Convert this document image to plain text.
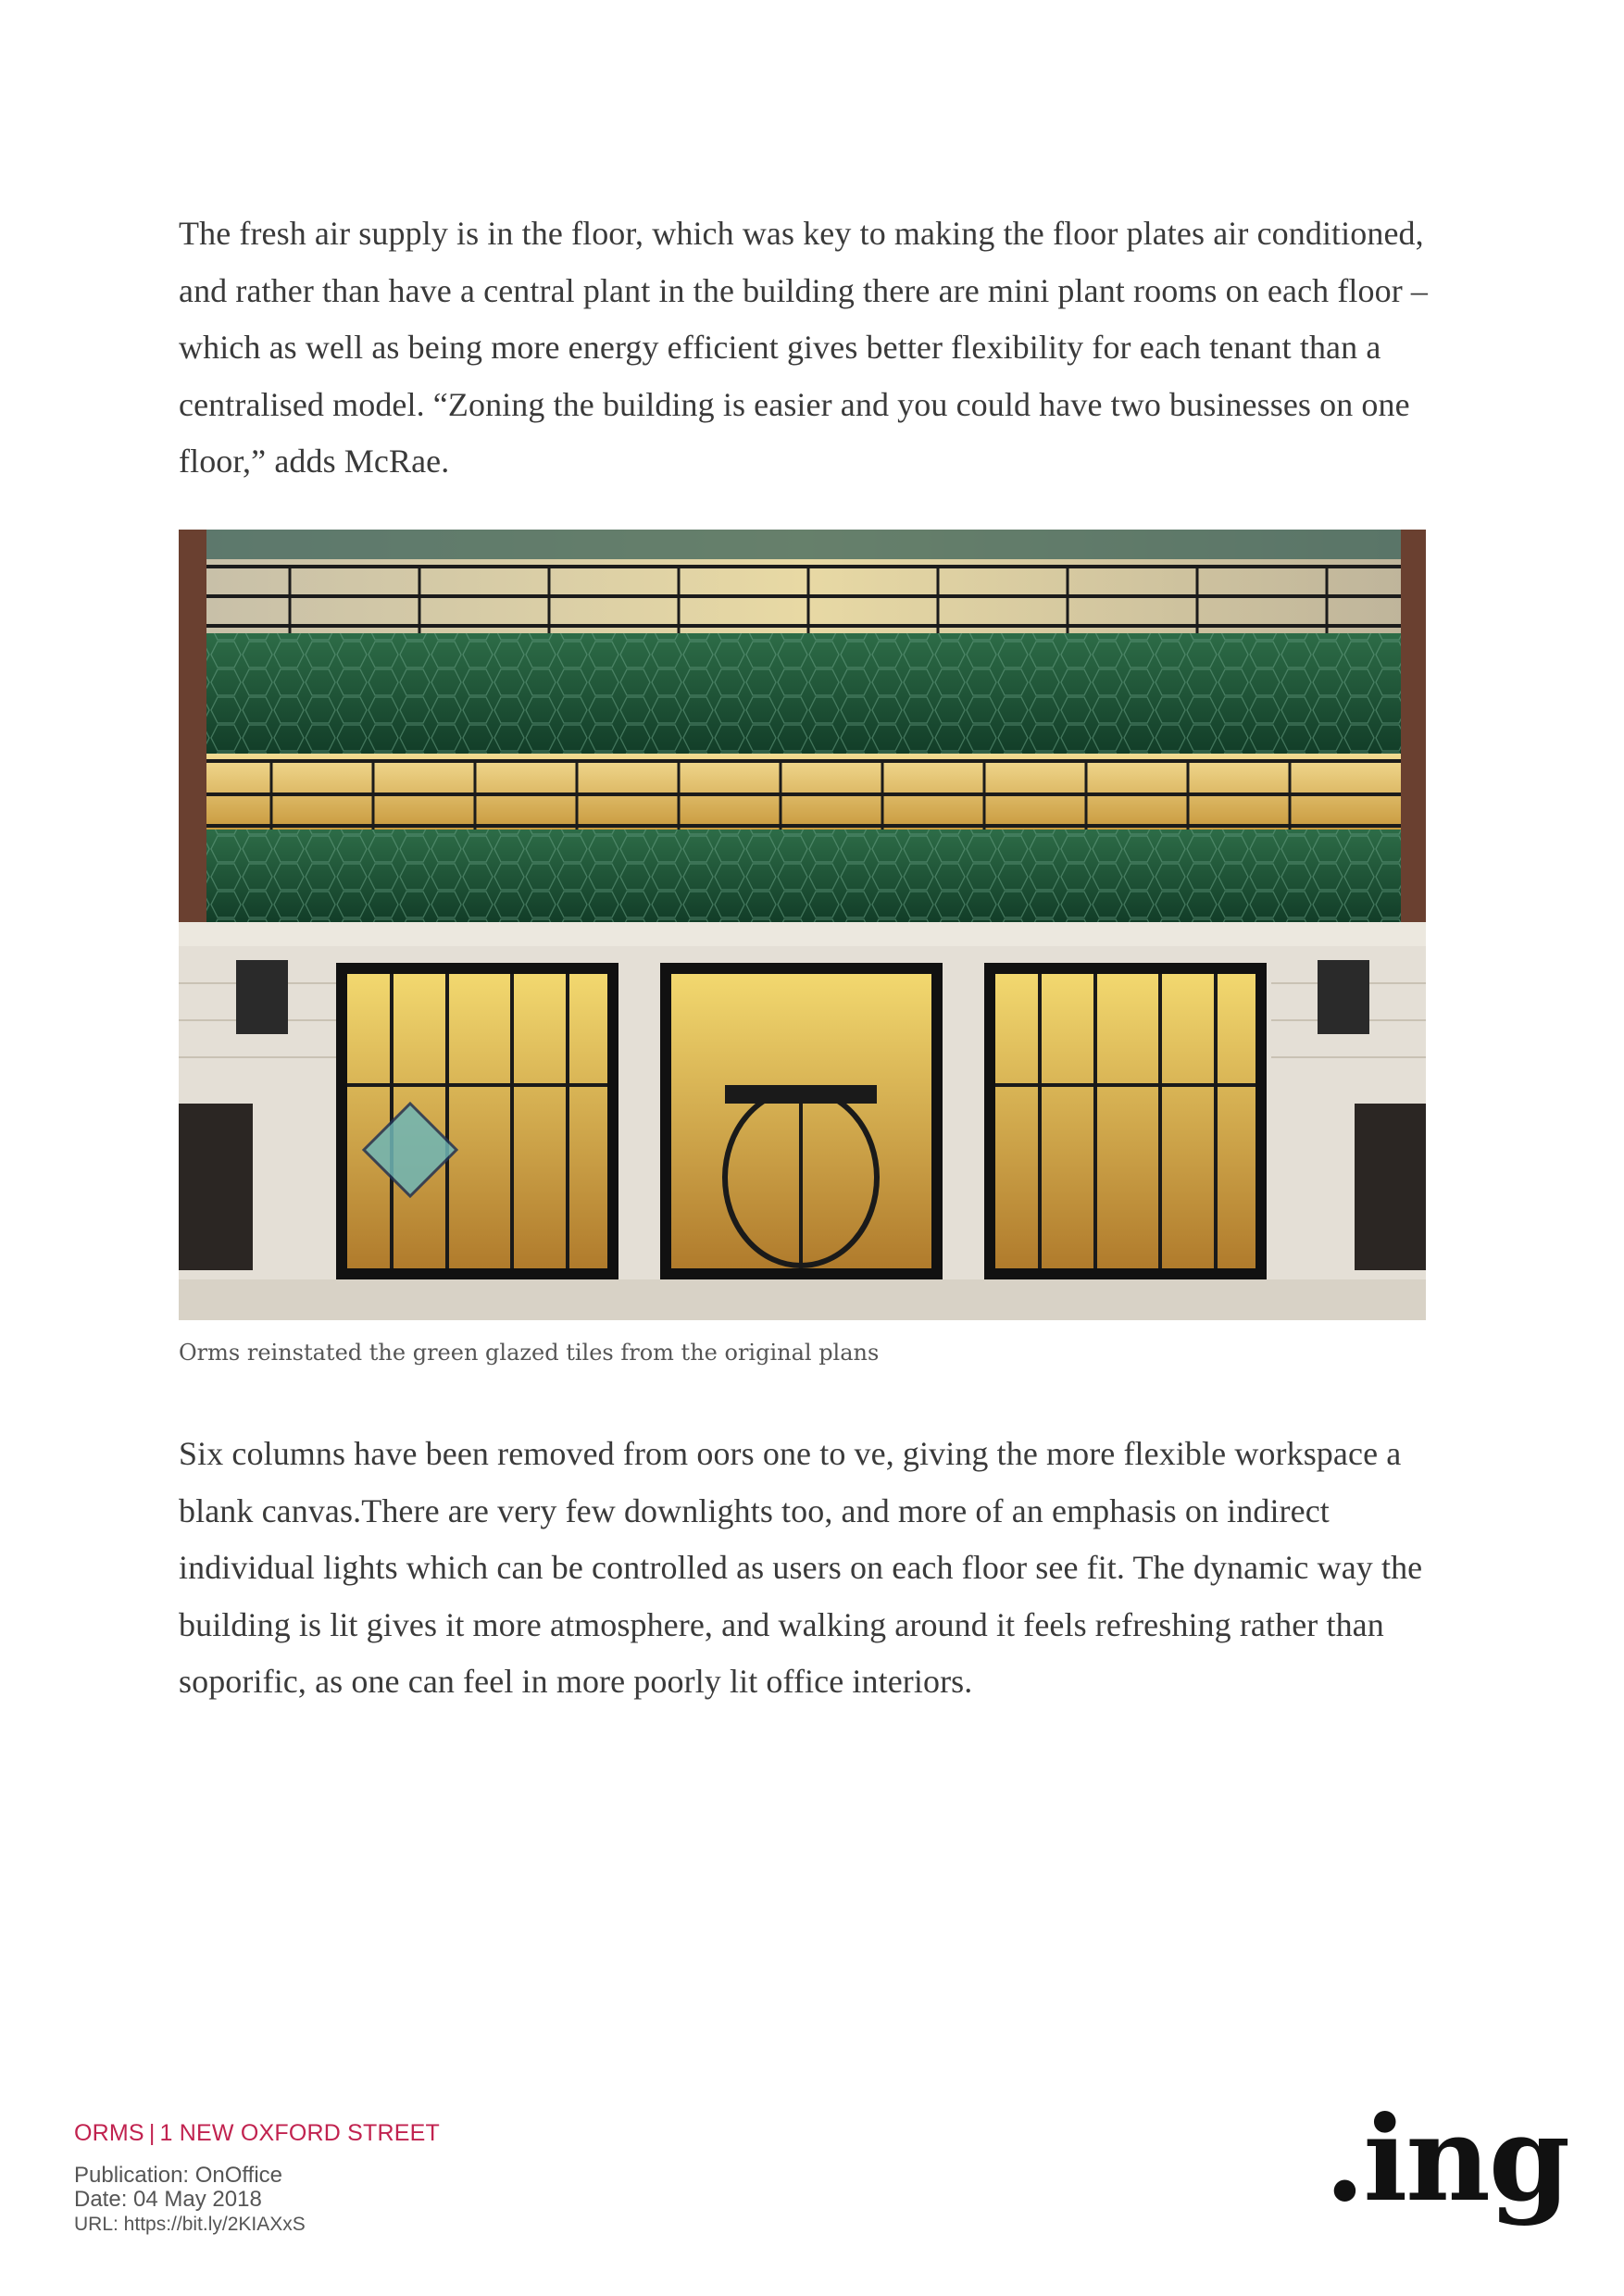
The fresh air supply is in the floor, which was key to making the floor plates air conditioned, and rather than have a central plant in the building there are mini plant rooms on each floor – which as well as being more energy efficient gives better flexibility for each tenant than a centralised model. “Zoning the building is easier and you could have two businesses on one floor,” adds McRae.

Orms reinstated the green glazed tiles from the original plans

Six columns have been removed from oors one to ve, giving the more flexible workspace a blank canvas.There are very few downlights too, and more of an emphasis on indirect individual lights which can be controlled as users on each floor see fit. The dynamic way the building is lit gives it more atmosphere, and walking around it feels refreshing rather than soporific, as one can feel in more poorly lit office interiors.

ORMS | 1 NEW OXFORD STREET
Publication: OnOffice
Date: 04 May 2018
URL: https://bit.ly/2KIAXxS	.ing
